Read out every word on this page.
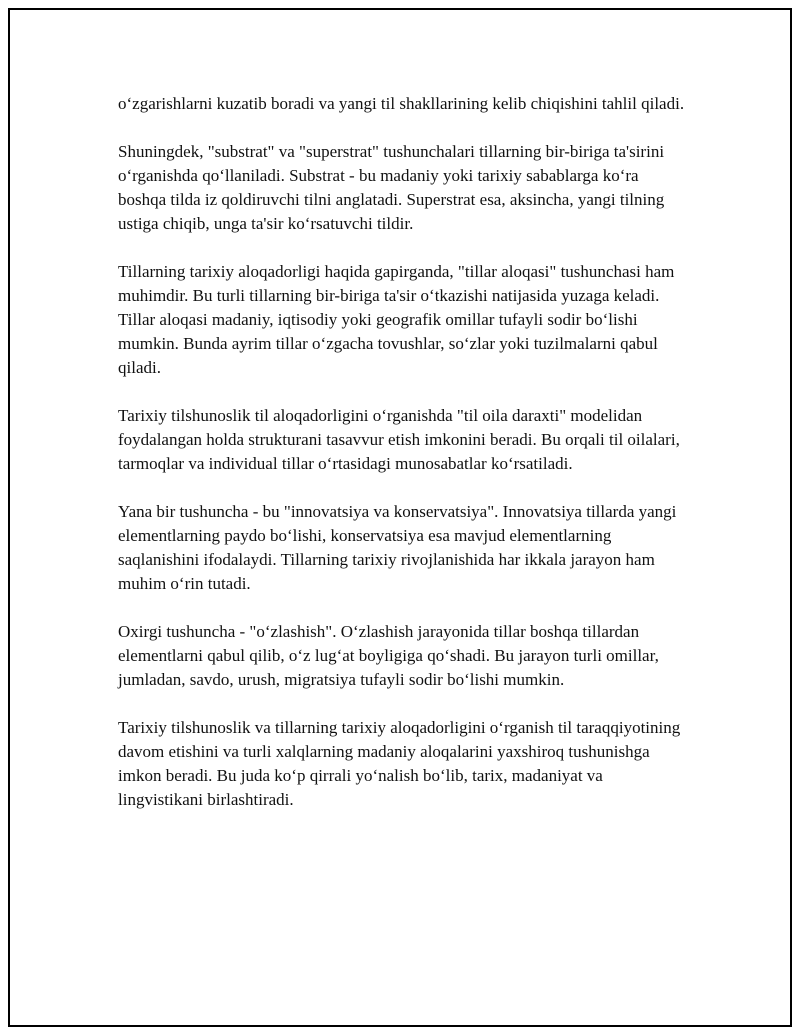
o‘zgarishlarni kuzatib boradi va yangi til shakllarining kelib chiqishini tahlil qiladi.

Shuningdek, "substrat" va "superstrat" tushunchalari tillarning bir-biriga ta'sirini o‘rganishda qo‘llaniladi. Substrat - bu madaniy yoki tarixiy sabablarga ko‘ra boshqa tilda iz qoldiruvchi tilni anglatadi. Superstrat esa, aksincha, yangi tilning ustiga chiqib, unga ta'sir ko‘rsatuvchi tildir.

Tillarning tarixiy aloqadorligi haqida gapirganda, "tillar aloqasi" tushunchasi ham muhimdir. Bu turli tillarning bir-biriga ta'sir o‘tkazishi natijasida yuzaga keladi. Tillar aloqasi madaniy, iqtisodiy yoki geografik omillar tufayli sodir bo‘lishi mumkin. Bunda ayrim tillar o‘zgacha tovushlar, so‘zlar yoki tuzilmalarni qabul qiladi.

Tarixiy tilshunoslik til aloqadorligini o‘rganishda "til oila daraxti" modelidan foydalangan holda strukturani tasavvur etish imkonini beradi. Bu orqali til oilalari, tarmoqlar va individual tillar o‘rtasidagi munosabatlar ko‘rsatiladi.

Yana bir tushuncha - bu "innovatsiya va konservatsiya". Innovatsiya tillarda yangi elementlarning paydo bo‘lishi, konservatsiya esa mavjud elementlarning saqlanishini ifodalaydi. Tillarning tarixiy rivojlanishida har ikkala jarayon ham muhim o‘rin tutadi.

Oxirgi tushuncha - "o‘zlashish". O‘zlashish jarayonida tillar boshqa tillardan elementlarni qabul qilib, o‘z lug‘at boyligiga qo‘shadi. Bu jarayon turli omillar, jumladan, savdo, urush, migratsiya tufayli sodir bo‘lishi mumkin.

Tarixiy tilshunoslik va tillarning tarixiy aloqadorligini o‘rganish til taraqqiyotining davom etishini va turli xalqlarning madaniy aloqalarini yaxshiroq tushunishga imkon beradi. Bu juda ko‘p qirrali yo‘nalish bo‘lib, tarix, madaniyat va lingvistikani birlashtiradi.
